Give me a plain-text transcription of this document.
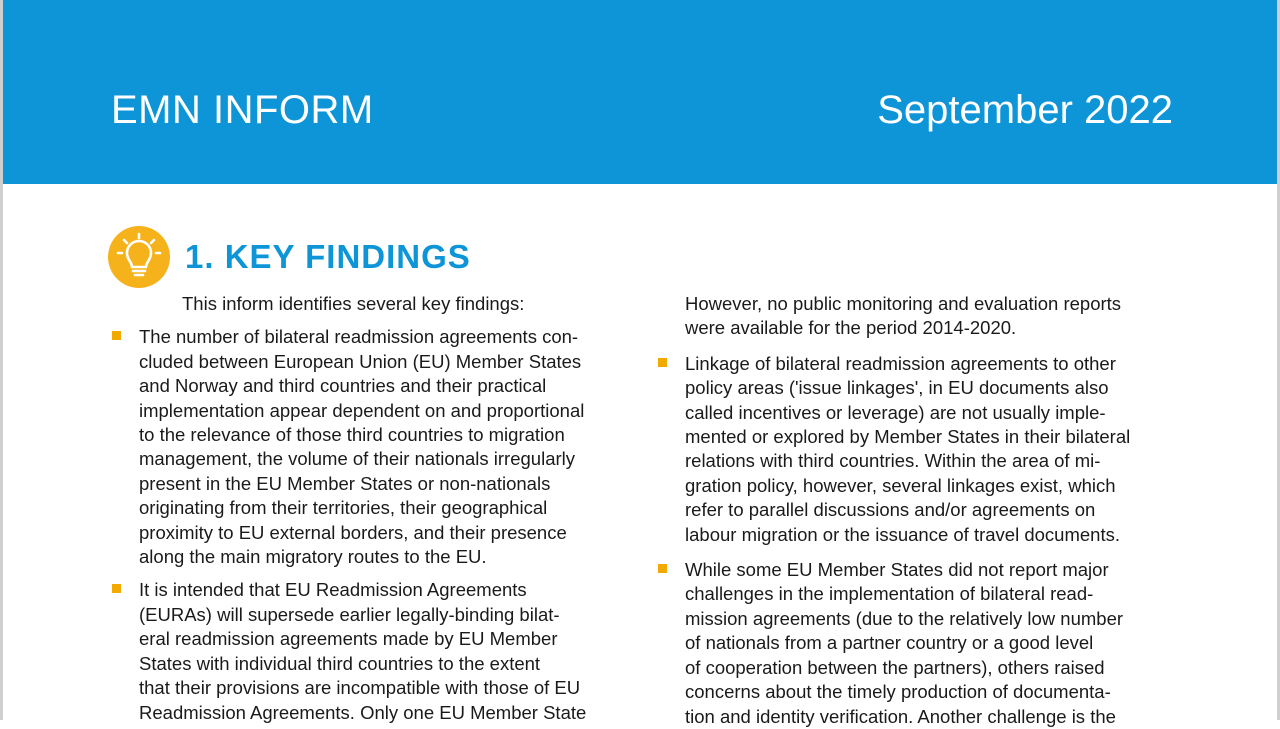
EMN INFORM	September 2022
1. KEY FINDINGS
This inform identifies several key findings:
The number of bilateral readmission agreements con-
cluded between European Union (EU) Member States
and Norway and third countries and their practical
implementation appear dependent on and proportional
to the relevance of those third countries to migration
management, the volume of their nationals irregularly
present in the EU Member States or non-nationals
originating from their territories, their geographical
proximity to EU external borders, and their presence
along the main migratory routes to the EU.
It is intended that EU Readmission Agreements
(EURAs) will supersede earlier legally-binding bilat-
eral readmission agreements made by EU Member
States with individual third countries to the extent
that their provisions are incompatible with those of EU
Readmission Agreements. Only one EU Member State
However, no public monitoring and evaluation reports
were available for the period 2014-2020.
Linkage of bilateral readmission agreements to other
policy areas ('issue linkages', in EU documents also
called incentives or leverage) are not usually imple-
mented or explored by Member States in their bilateral
relations with third countries. Within the area of mi-
gration policy, however, several linkages exist, which
refer to parallel discussions and/or agreements on
labour migration or the issuance of travel documents.
While some EU Member States did not report major
challenges in the implementation of bilateral read-
mission agreements (due to the relatively low number
of nationals from a partner country or a good level
of cooperation between the partners), others raised
concerns about the timely production of documenta-
tion and identity verification. Another challenge is the
